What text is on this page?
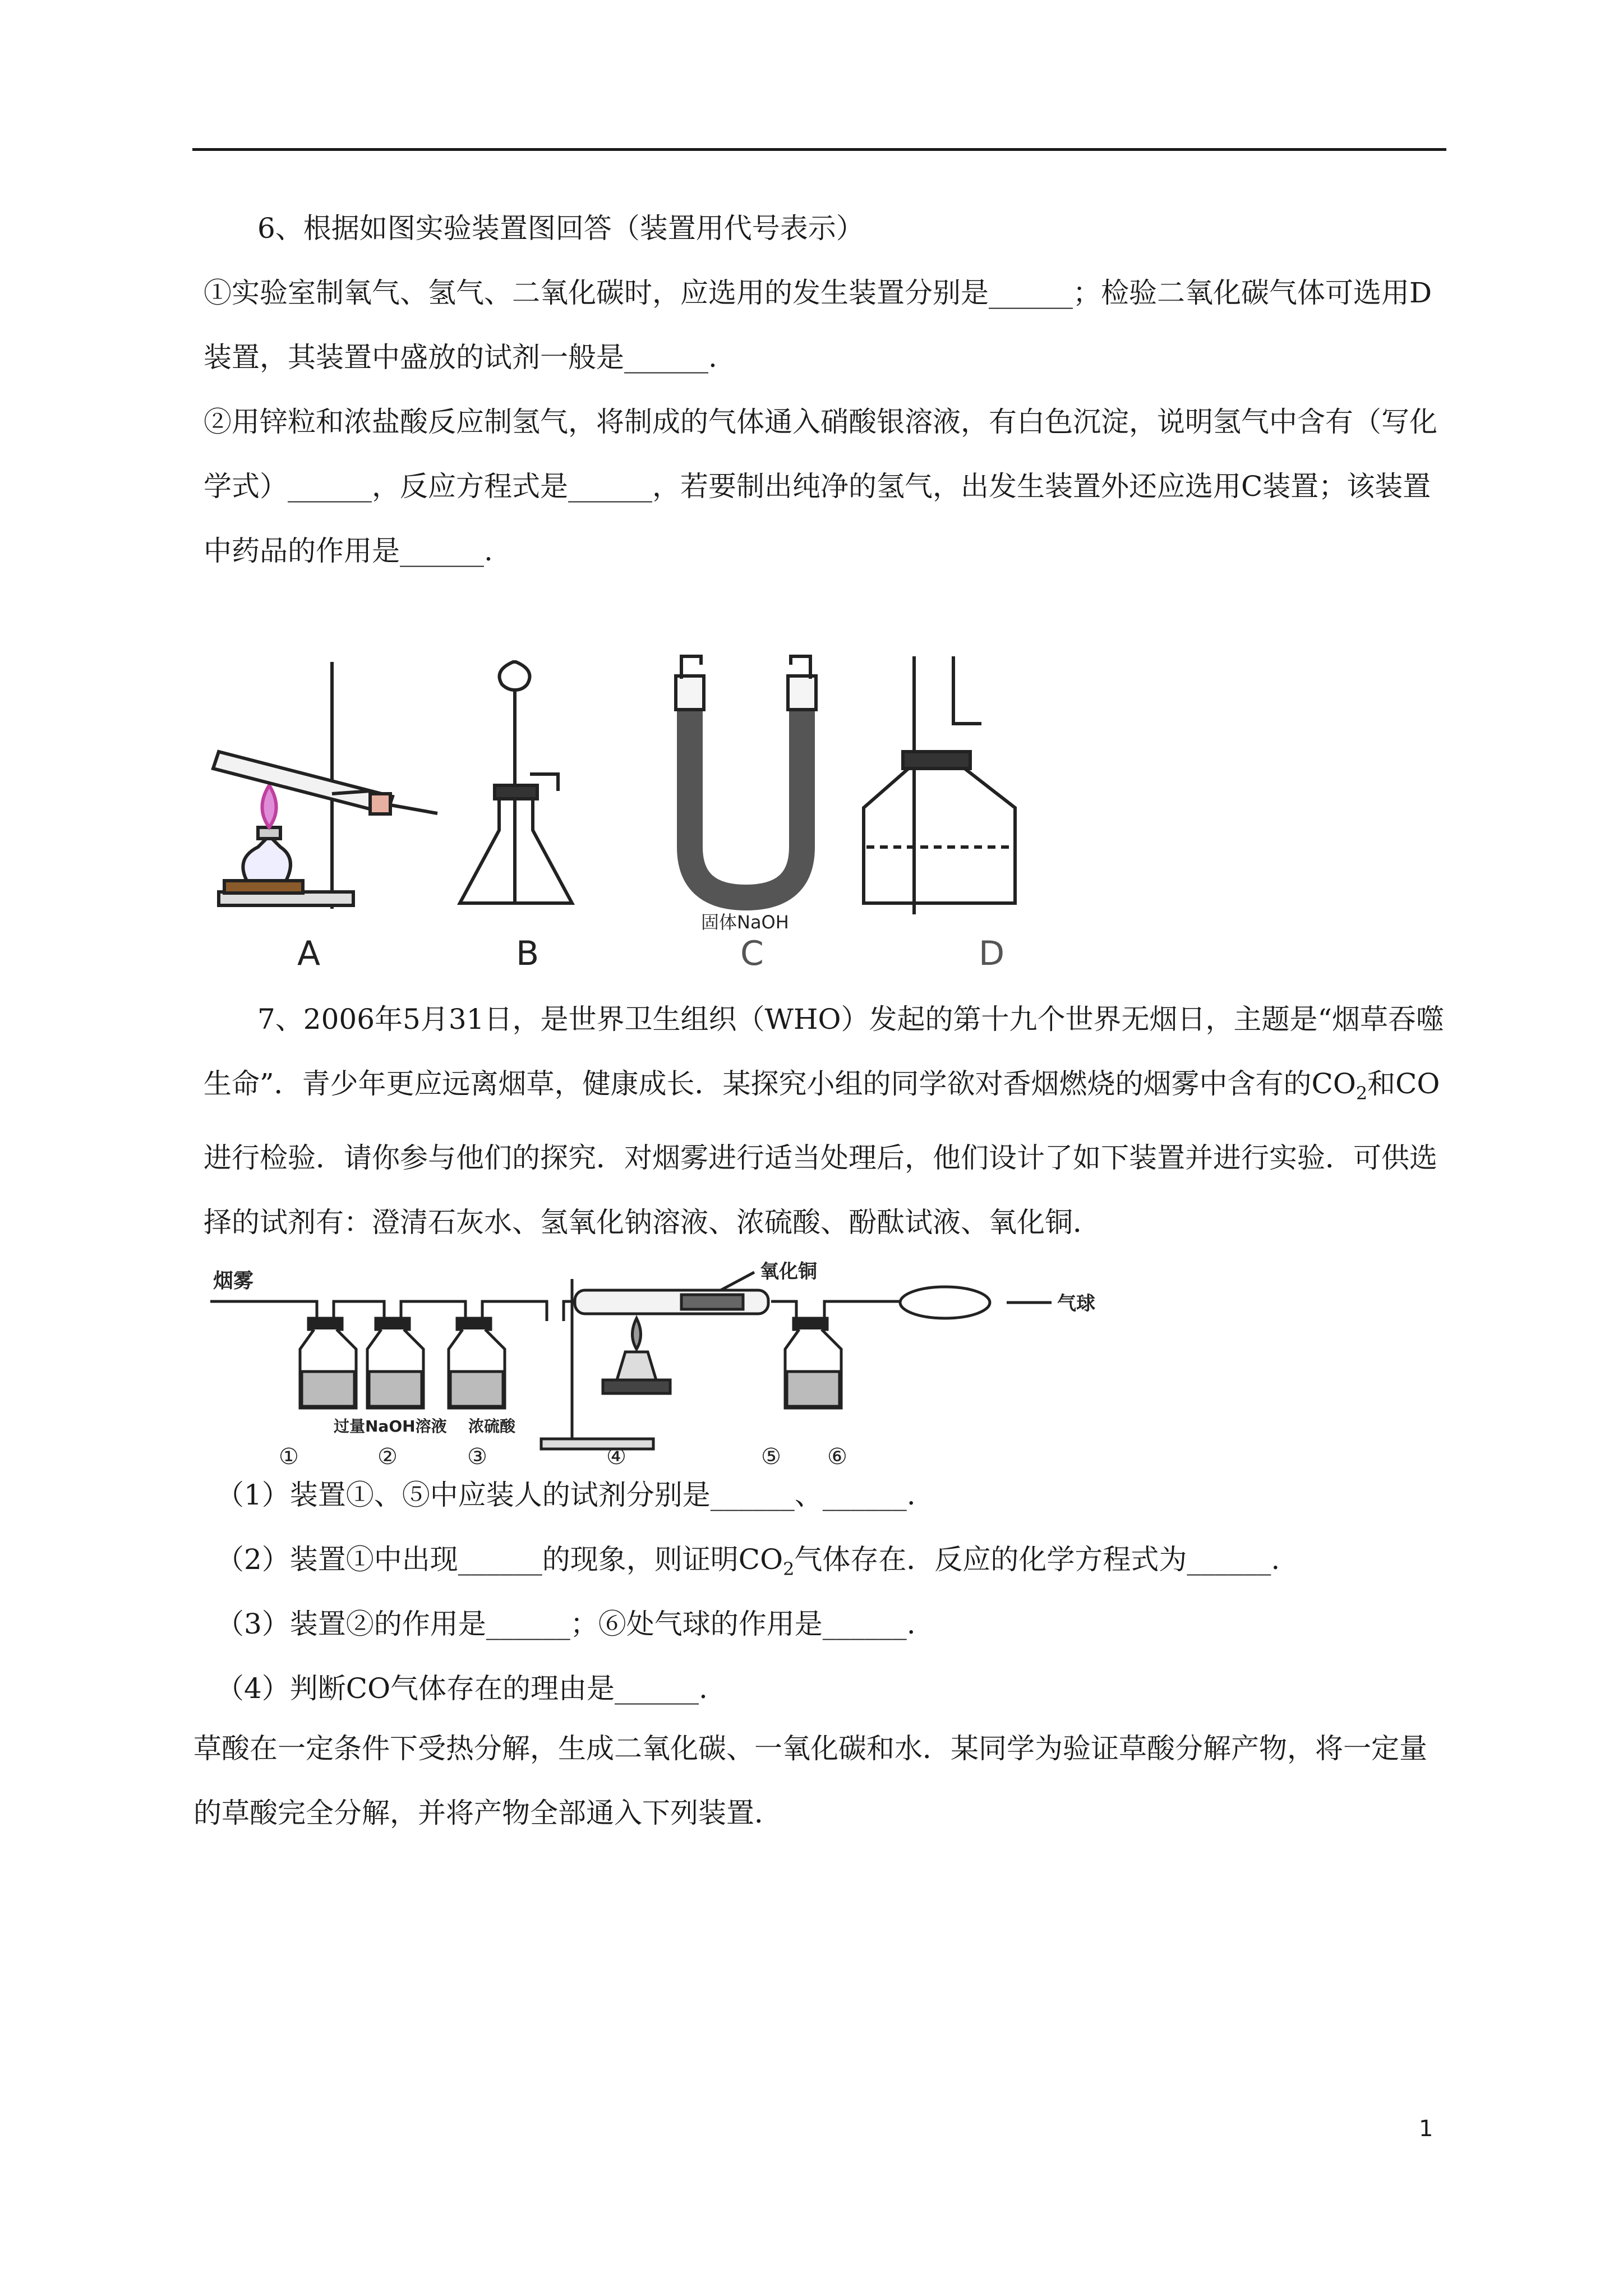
6、根据如图实验装置图回答（装置用代号表示）

①实验室制氧气、氢气、二氧化碳时，应选用的发生装置分别是______；检验二氧化碳气体可选用D装置，其装置中盛放的试剂一般是______.

②用锌粒和浓盐酸反应制氢气，将制成的气体通入硝酸银溶液，有白色沉淀，说明氢气中含有（写化学式）______，反应方程式是______，若要制出纯净的氢气，出发生装置外还应选用C装置；该装置中药品的作用是______.

A	B	C	D
固体NaOH

7、2006年5月31日，是世界卫生组织（WHO）发起的第十九个世界无烟日，主题是“烟草吞噬生命”．青少年更应远离烟草，健康成长．某探究小组的同学欲对香烟燃烧的烟雾中含有的$CO_2$和CO进行检验．请你参与他们的探究．对烟雾进行适当处理后，他们设计了如下装置并进行实验．可供选择的试剂有：澄清石灰水、氢氧化钠溶液、浓硫酸、酚酞试液、氧化铜．

烟雾	氧化铜
气球
过量NaOH溶液 浓硫酸
①	②	③	④	⑤ ⑥

（1）装置①、⑤中应装人的试剂分别是______、______.

（2）装置①中出现______的现象，则证明$CO_2$气体存在．反应的化学方程式为______.

（3）装置②的作用是______；⑥处气球的作用是______.

（4）判断CO气体存在的理由是______.

草酸在一定条件下受热分解，生成二氧化碳、一氧化碳和水．某同学为验证草酸分解产物，将一定量的草酸完全分解，并将产物全部通入下列装置．

1
